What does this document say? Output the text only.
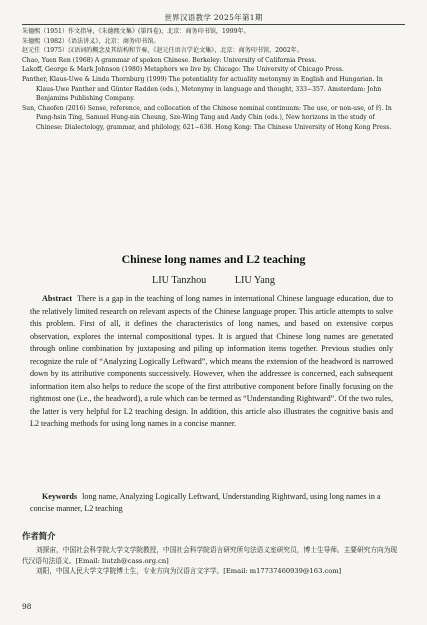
世界汉语教学 2025年第1期

朱德熙（1951）作文指导，《朱德熙文集》(第四卷)，北京：商务印书馆，1999年。

朱德熙（1982）《语法讲义》，北京：商务印书馆。

赵元任（1975）汉语词的概念及其结构和节奏，《赵元任语言学论文集》，北京：商务印书馆，2002年。

Chao, Yuen Ren (1968) A grammar of spoken Chinese. Berkeley: University of California Press.

Lakoff, George & Mark Johnson (1980) Metaphors we live by. Chicago: The University of Chicago Press.

Panther, Klaus-Uwe & Linda Thornburg (1999) The potentiality for actuality metonymy in English and Hungarian. In Klaus-Uwe Panther and Günter Radden (eds.), Metonymy in language and thought, 333−357. Amsterdam: John Benjamins Publishing Company.

Sun, Chaofen (2016) Sense, reference, and collocation of the Chinese nominal continuum: The use, or non-use, of 的. In Pang-hsin Ting, Samuel Hung-nin Cheung, Sze-Wing Tang and Andy Chin (eds.), New horizons in the study of Chinese: Dialectology, grammar, and philology, 621−638. Hong Kong: The Chinese University of Hong Kong Press.

Chinese long names and L2 teaching
LIU Tanzhou	LIU Yang

Abstract There is a gap in the teaching of long names in international Chinese language education, due to the relatively limited research on relevant aspects of the Chinese language proper. This article attempts to solve this problem. First of all, it defines the characteristics of long names, and based on extensive corpus observation, explores the internal compositional types. It is argued that Chinese long names are generated through online combination by juxtaposing and piling up information items together. Previous studies only recognize the rule of “Analyzing Logically Leftward”, which means the extension of the headword is narrowed down by its attributive components successively. However, when the addressee is concerned, each subsequent information item also helps to reduce the scope of the first attributive component before finally focusing on the rightmost one (i.e., the headword), a rule which can be termed as “Understanding Rightward”. Of the two rules, the latter is very helpful for L2 teaching design. In addition, this article also illustrates the cognitive basis and L2 teaching methods for using long names in a concise manner.

Keywords long name, Analyzing Logically Leftward, Understanding Rightward, using long names in a concise manner, L2 teaching

作者简介

刘探宙，中国社会科学院大学文学院教授，中国社会科学院语言研究所句法语义室研究员，博士生导师。主要研究方向为现代汉语句法语义。[Email: liutzh@cass.org.cn]

刘阳，中国人民大学文学院博士生，专业方向为汉语言文字学。[Email: m17737460939@163.com]

98
